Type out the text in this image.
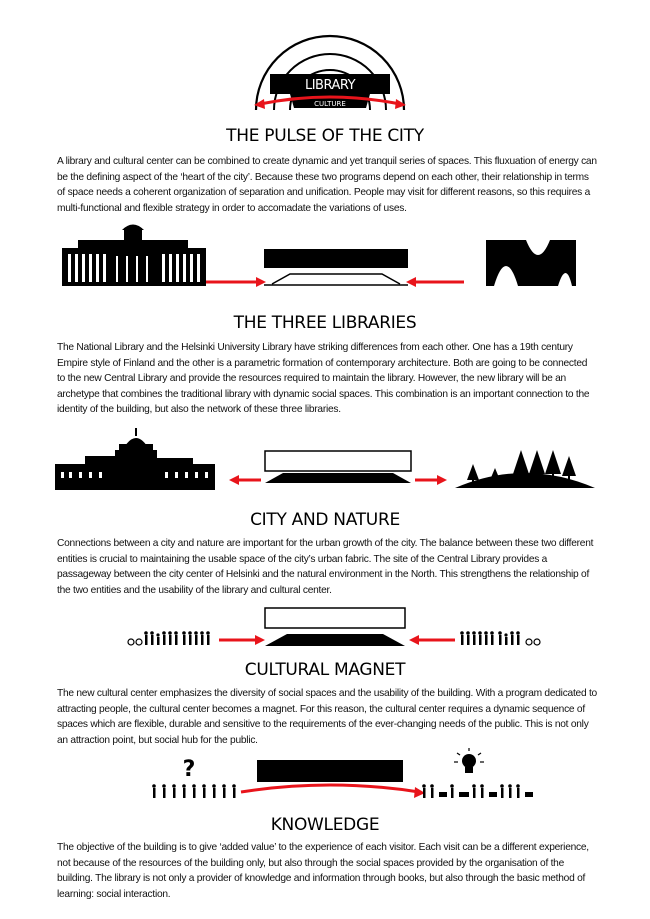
LIBRARY
CULTURE
THE PULSE OF THE CITY

A library and cultural center can be combined to create dynamic and yet tranquil series of spaces. This fluxuation of energy can be the defining aspect of the ‘heart of the city’. Because these two programs depend on each other, their relationship in terms of space needs a coherent organization of separation and unification. People may visit for different reasons, so this requires a multi-functional and flexible strategy in order to accomadate the variations of uses.

THE THREE LIBRARIES

The National Library and the Helsinki University Library have striking differences from each other. One has a 19th century Empire style of Finland and the other is a parametric formation of contemporary architecture. Both are going to be connected to the new Central Library and provide the resources required to maintain the library. However, the new library will be an archetype that combines the traditional library with dynamic social spaces. This combination is an important connection to the identity of the building, but also the network of these three libraries.

CITY AND NATURE

Connections between a city and nature are important for the urban growth of the city. The balance between these two different entities is crucial to maintaining the usable space of the city’s urban fabric. The site of the Central Library provides a passageway between the city center of Helsinki and the natural environment in the North. This strengthens the relationship of the two entities and the usability of the library and cultural center.

CULTURAL MAGNET

The new cultural center emphasizes the diversity of social spaces and the usability of the building. With a program dedicated to attracting people, the cultural center becomes a magnet. For this reason, the cultural center requires a dynamic sequence of spaces which are flexible, durable and sensitive to the requirements of the ever-changing needs of the public. This is not only an attraction point, but social hub for the public.

?
KNOWLEDGE

The objective of the building is to give ‘added value’ to the experience of each visitor. Each visit can be a different experience, not because of the resources of the building only, but also through the social spaces provided by the organisation of the building. The library is not only a provider of knowledge and information through books, but also through the basic method of learning: social interaction.
